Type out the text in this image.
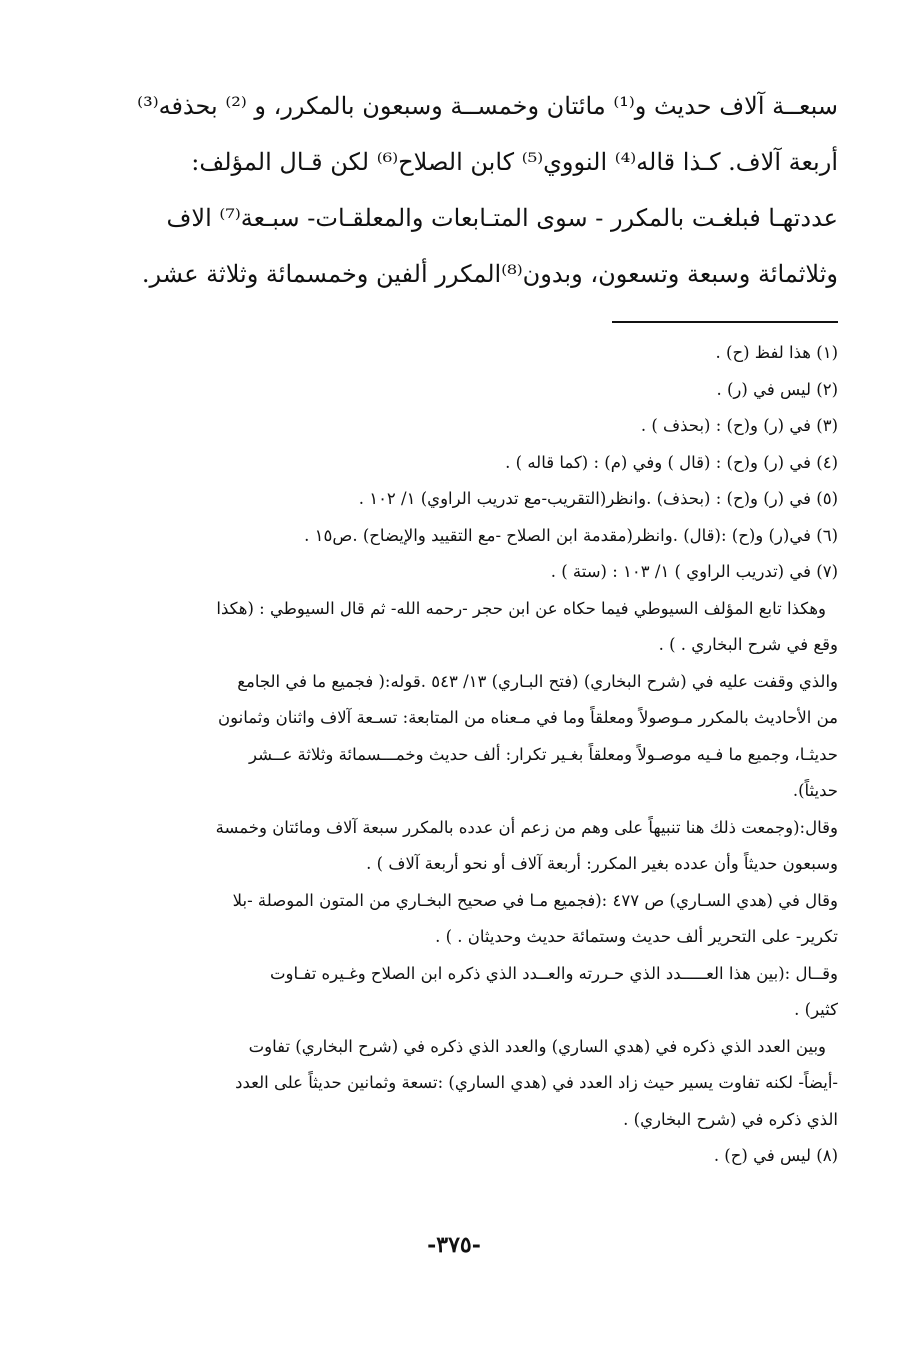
سبعــة آلاف حديث و⁽¹⁾ مائتان وخمســة وسبعون بالمكرر، و ⁽²⁾ بحذفه⁽³⁾
أربعة آلاف. كـذا قاله⁽⁴⁾ النووي⁽⁵⁾ كابن الصلاح⁽⁶⁾ لكن قـال المؤلف:
عددتهـا فبلغـت بالمكرر - سوى المتـابعات والمعلقـات- سبـعة⁽⁷⁾ الاف
وثلاثمائة وسبعة وتسعون، وبدون⁽⁸⁾المكرر ألفين وخمسمائة وثلاثة عشر.
(١) هذا لفظ (ح) .
(٢) ليس في (ر) .
(٣) في (ر) و(ح) : (بحذف ) .
(٤) في (ر) و(ح) : (قال ) وفي (م) : (كما قاله ) .
(٥) في (ر) و(ح) : (بحذف) .وانظر(التقريب-مع تدريب الراوي) ١/ ١٠٢ .
(٦) في(ر) و(ح) :(قال) .وانظر(مقدمة ابن الصلاح -مع التقييد والإيضاح) .ص١٥ .
(٧) في (تدريب الراوي ) ١/ ١٠٣ : (ستة ) .
وهكذا تابع المؤلف السيوطي فيما حكاه عن ابن حجر -رحمه الله- ثم قال السيوطي : (هكذا
وقع في شرح البخاري . ) .
والذي وقفت عليه في (شرح البخاري) (فتح البـاري) ١٣/ ٥٤٣ .قوله:( فجميع ما في الجامع
من الأحاديث بالمكرر مـوصولاً ومعلقاً وما في مـعناه من المتابعة: تسـعة آلاف واثنان وثمانون
حديثـا، وجميع ما فـيه موصـولاً ومعلقاً بغـير تكرار: ألف حديث وخمـــسمائة وثلاثة عــشر
حديثاً).
وقال:(وجمعت ذلك هنا تنبيهاً على وهم من زعم أن عدده بالمكرر سبعة آلاف ومائتان وخمسة
وسبعون حديثاً وأن عدده بغير المكرر: أربعة آلاف أو نحو أربعة آلاف ) .
وقال في (هدي السـاري) ص ٤٧٧ :(فجميع مـا في صحيح البخـاري من المتون الموصلة -بلا
تكرير- على التحرير ألف حديث وستمائة حديث وحديثان . ) .
وقــال :(بين هذا العـــــدد الذي حـررته والعــدد الذي ذكره ابن الصلاح وغـيره تفـاوت
كثير) .
وبين العدد الذي ذكره في (هدي الساري) والعدد الذي ذكره في (شرح البخاري) تفاوت
-أيضاً- لكنه تفاوت يسير حيث زاد العدد في (هدي الساري) :تسعة وثمانين حديثاً على العدد
الذي ذكره في (شرح البخاري) .
(٨) ليس في (ح) .
-٣٧٥-
